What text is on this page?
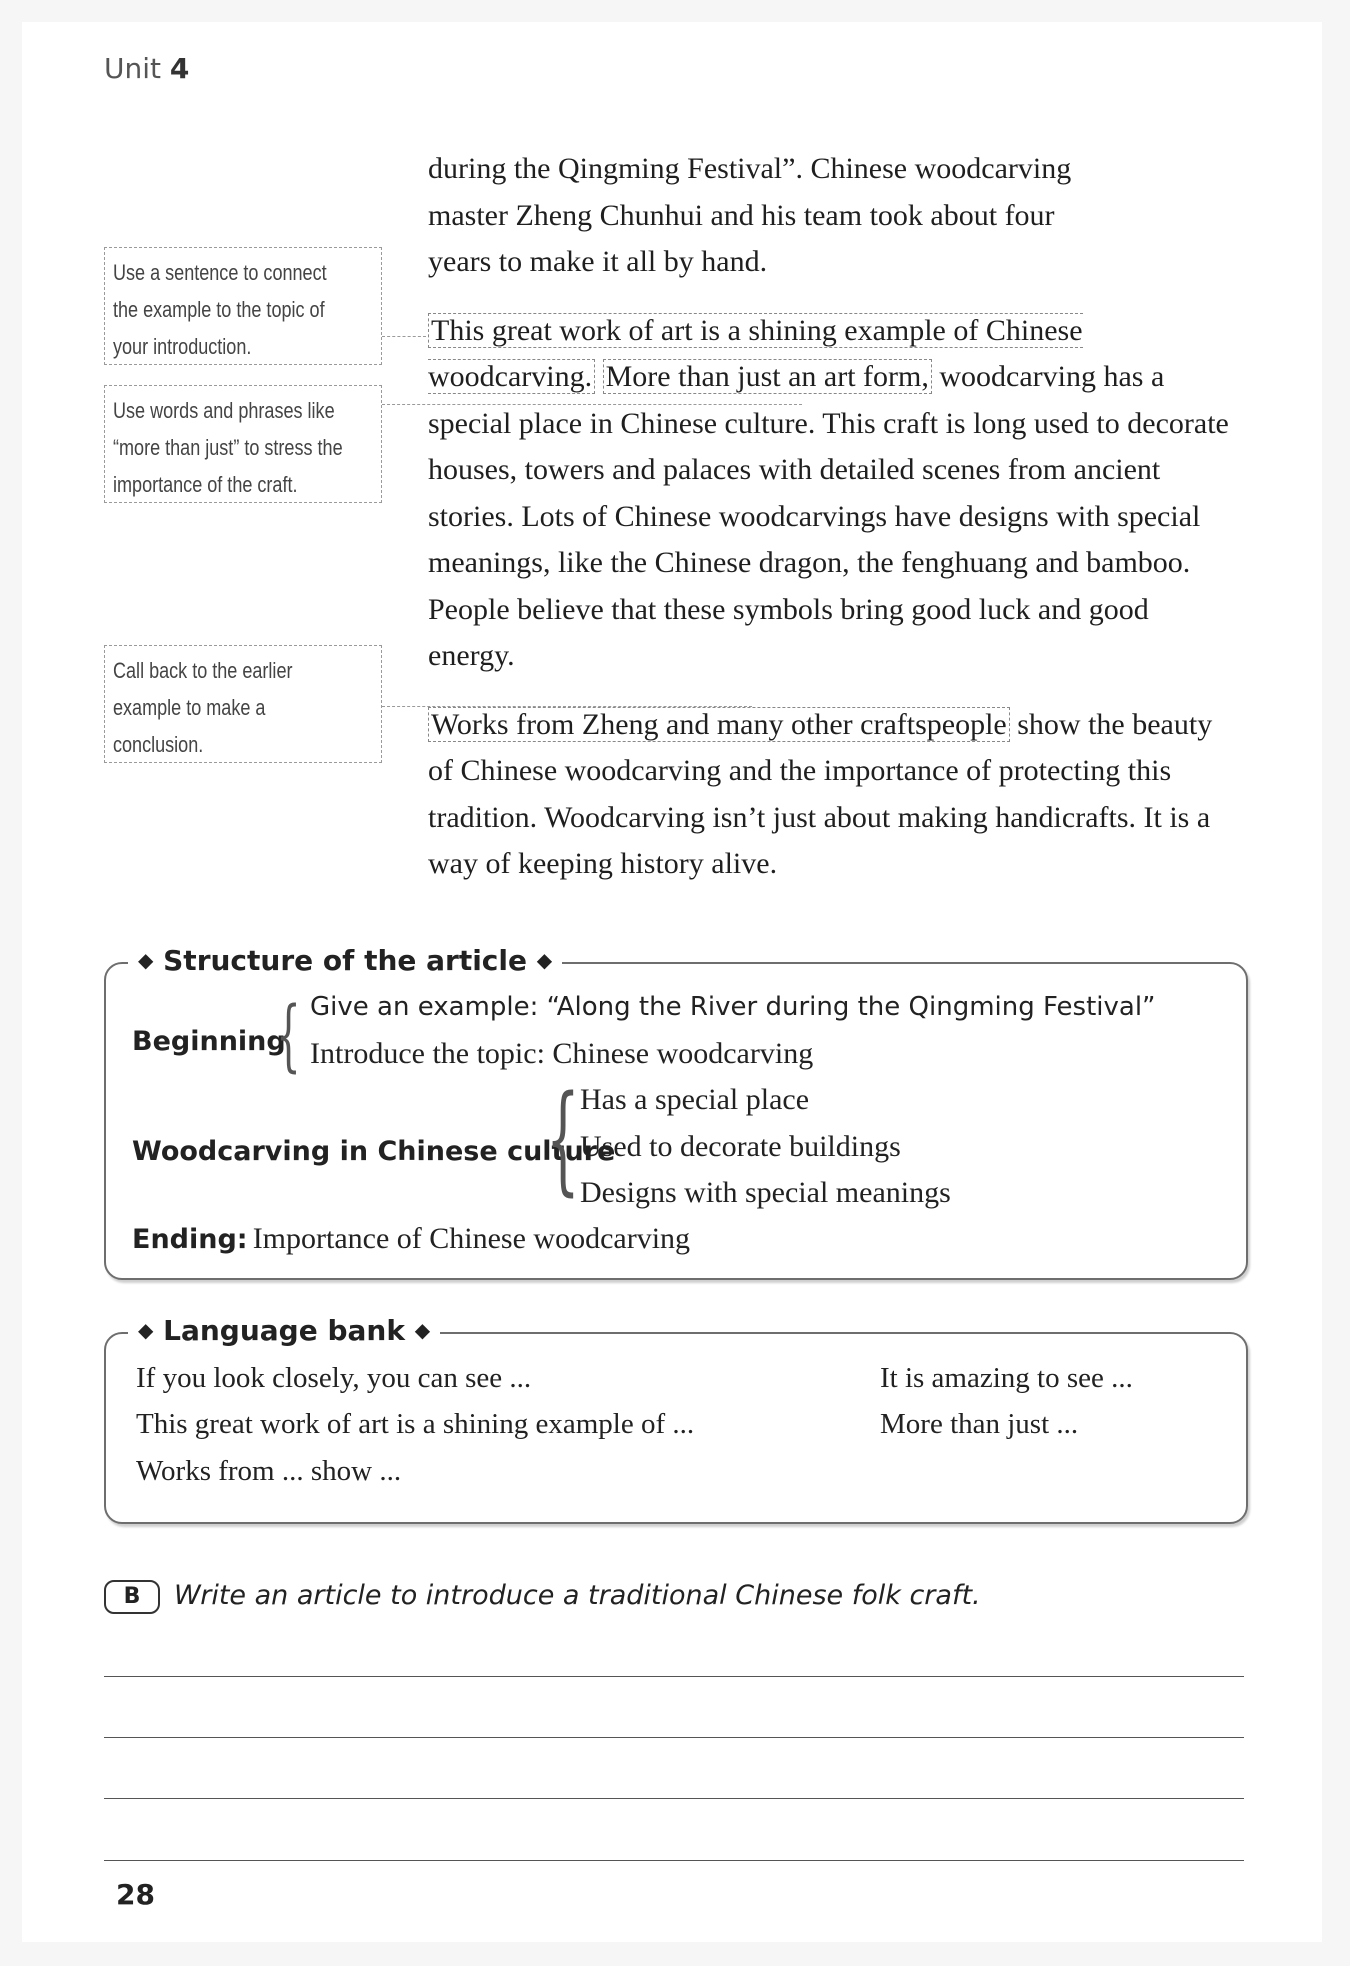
Unit 4

during the Qingming Festival”. Chinese woodcarving
master Zheng Chunhui and his team took about four
years to make it all by hand.

This great work of art is a shining example of Chinese woodcarving. More than just an art form, woodcarving has a special place in Chinese culture. This craft is long used to decorate houses, towers and palaces with detailed scenes from ancient stories. Lots of Chinese woodcarvings have designs with special meanings, like the Chinese dragon, the fenghuang and bamboo. People believe that these symbols bring good luck and good energy.

Works from Zheng and many other craftspeople show the beauty of Chinese woodcarving and the importance of protecting this tradition. Woodcarving isn’t just about making handicrafts. It is a way of keeping history alive.

Use a sentence to connect
the example to the topic of
your introduction.
Use words and phrases like
“more than just” to stress the
importance of the craft.
Call back to the earlier
example to make a
conclusion.
◆ Structure of the article ◆
Beginning
{ Give an example: “Along the River during the Qingming Festival”
Introduce the topic: Chinese woodcarving
Woodcarving in Chinese culture
{ Has a special place
Used to decorate buildings
Designs with special meanings
Ending: Importance of Chinese woodcarving
◆ Language bank ◆
If you look closely, you can see ...
This great work of art is a shining example of ...
Works from ... show ...
It is amazing to see ...
More than just ...
B Write an article to introduce a traditional Chinese folk craft.
28
